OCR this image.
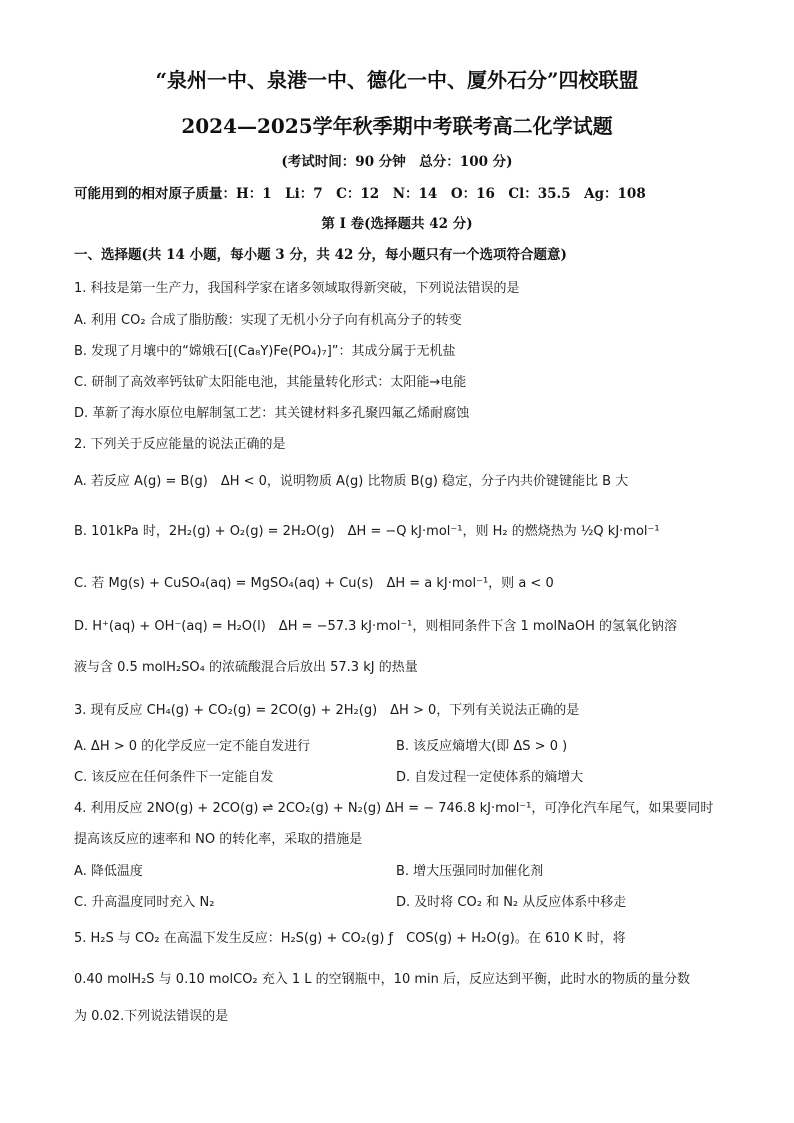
“泉州一中、泉港一中、德化一中、厦外石分”四校联盟
2024—2025学年秋季期中考联考高二化学试题
(考试时间：90 分钟　总分：100 分)
可能用到的相对原子质量：H：1　Li：7　C：12　N：14　O：16　Cl：35.5　Ag：108
第 I 卷(选择题共 42 分)
一、选择题(共 14 小题，每小题 3 分，共 42 分，每小题只有一个选项符合题意)
1. 科技是第一生产力，我国科学家在诸多领域取得新突破，下列说法错误的是
A. 利用 CO₂ 合成了脂肪酸：实现了无机小分子向有机高分子的转变
B. 发现了月壤中的“嫦娥石[(Ca₈Y)Fe(PO₄)₇]”：其成分属于无机盐
C. 研制了高效率钙钛矿太阳能电池，其能量转化形式：太阳能→电能
D. 革新了海水原位电解制氢工艺：其关键材料多孔聚四氟乙烯耐腐蚀
2. 下列关于反应能量的说法正确的是
A. 若反应 A(g) = B(g)　ΔH < 0，说明物质 A(g) 比物质 B(g) 稳定，分子内共价键键能比 B 大
B. 101kPa 时，2H₂(g) + O₂(g) = 2H₂O(g)　ΔH = −Q kJ·mol⁻¹，则 H₂ 的燃烧热为 ½Q kJ·mol⁻¹
C. 若 Mg(s) + CuSO₄(aq) = MgSO₄(aq) + Cu(s)　ΔH = a kJ·mol⁻¹，则 a < 0
D. H⁺(aq) + OH⁻(aq) = H₂O(l)　ΔH = −57.3 kJ·mol⁻¹，则相同条件下含 1 molNaOH 的氢氧化钠溶
液与含 0.5 molH₂SO₄ 的浓硫酸混合后放出 57.3 kJ 的热量
3. 现有反应 CH₄(g) + CO₂(g) = 2CO(g) + 2H₂(g)　ΔH > 0，下列有关说法正确的是
A. ΔH > 0 的化学反应一定不能自发进行	B. 该反应熵增大(即 ΔS > 0 )
C. 该反应在任何条件下一定能自发	D. 自发过程一定使体系的熵增大
4. 利用反应 2NO(g) + 2CO(g) ⇌ 2CO₂(g) + N₂(g) ΔH = − 746.8 kJ·mol⁻¹，可净化汽车尾气，如果要同时
提高该反应的速率和 NO 的转化率，采取的措施是
A. 降低温度	B. 增大压强同时加催化剂
C. 升高温度同时充入 N₂	D. 及时将 CO₂ 和 N₂ 从反应体系中移走
5. H₂S 与 CO₂ 在高温下发生反应：H₂S(g) + CO₂(g) ƒ　COS(g) + H₂O(g)。在 610 K 时，将
0.40 molH₂S 与 0.10 molCO₂ 充入 1 L 的空钢瓶中，10 min 后，反应达到平衡，此时水的物质的量分数
为 0.02.下列说法错误的是
